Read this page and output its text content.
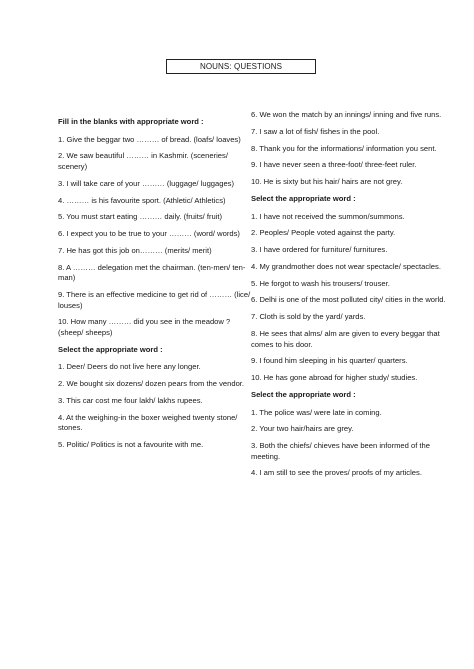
NOUNS: QUESTIONS
Fill in the blanks with appropriate word :
1. Give the beggar two ……… of bread. (loafs/ loaves)
2. We saw beautiful ……… in Kashmir. (sceneries/ scenery)
3. I will take care of your ……… (luggage/ luggages)
4. ……… is his favourite sport. (Athletic/ Athletics)
5. You must start eating ……… daily. (fruits/ fruit)
6. I expect you to be true to your ……… (word/ words)
7. He has got this job on……… (merits/ merit)
8. A ……… delegation met the chairman. (ten-men/ ten-man)
9. There is an effective medicine to get rid of ……… (lice/ louses)
10. How many ……… did you see in the meadow ? (sheep/ sheeps)
Select the appropriate word :
1. Deer/ Deers do not live here any longer.
2. We bought six dozens/ dozen pears from the vendor.
3. This car cost me four lakh/ lakhs rupees.
4. At the weighing-in the boxer weighed twenty stone/ stones.
5. Politic/ Politics is not a favourite with me.
6. We won the match by an innings/ inning and five runs.
7. I saw a lot of fish/ fishes in the pool.
8. Thank you for the informations/ information you sent.
9. I have never seen a three-foot/ three-feet ruler.
10. He is sixty but his hair/ hairs are not grey.
Select the appropriate word :
1. I have not received the summon/summons.
2. Peoples/ People voted against the party.
3. I have ordered for furniture/ furnitures.
4. My grandmother does not wear spectacle/ spectacles.
5. He forgot to wash his trousers/ trouser.
6. Delhi is one of the most polluted city/ cities in the world.
7. Cloth is sold by the yard/ yards.
8. He sees that alms/ alm are given to every beggar that comes to his door.
9. I found him sleeping in his quarter/ quarters.
10. He has gone abroad for higher study/ studies.
Select the appropriate word :
1. The police was/ were late in coming.
2. Your two hair/hairs are grey.
3. Both the chiefs/ chieves have been informed of the meeting.
4. I am still to see the proves/ proofs of my articles.
